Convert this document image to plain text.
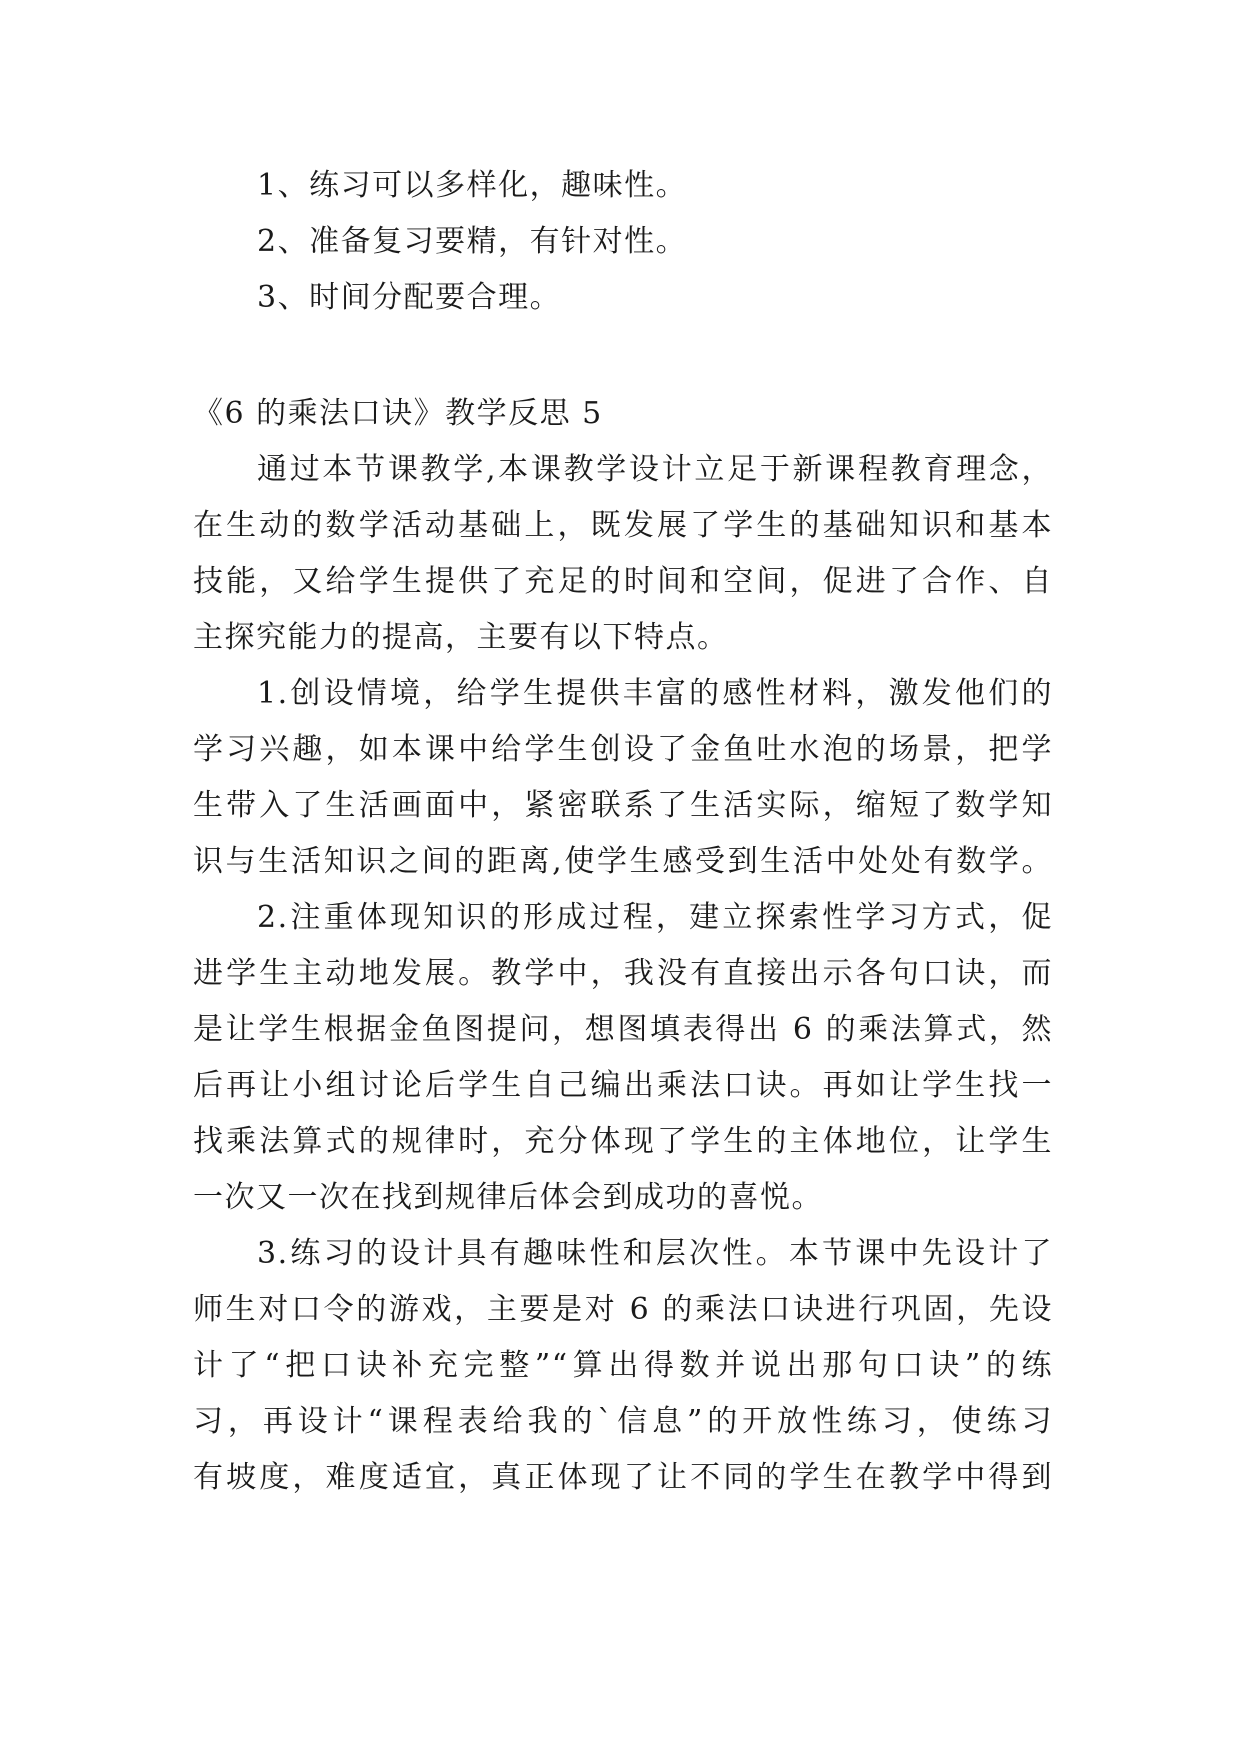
1、练习可以多样化，趣味性。
2、准备复习要精，有针对性。
3、时间分配要合理。
《6 的乘法口诀》教学反思 5
通过本节课教学,本课教学设计立足于新课程教育理念，
在生动的数学活动基础上，既发展了学生的基础知识和基本
技能，又给学生提供了充足的时间和空间，促进了合作、自
主探究能力的提高，主要有以下特点。
1.创设情境，给学生提供丰富的感性材料，激发他们的
学习兴趣，如本课中给学生创设了金鱼吐水泡的场景，把学
生带入了生活画面中，紧密联系了生活实际，缩短了数学知
识与生活知识之间的距离,使学生感受到生活中处处有数学。
2.注重体现知识的形成过程，建立探索性学习方式，促
进学生主动地发展。教学中，我没有直接出示各句口诀，而
是让学生根据金鱼图提问，想图填表得出 6 的乘法算式，然
后再让小组讨论后学生自己编出乘法口诀。再如让学生找一
找乘法算式的规律时，充分体现了学生的主体地位，让学生
一次又一次在找到规律后体会到成功的喜悦。
3.练习的设计具有趣味性和层次性。本节课中先设计了
师生对口令的游戏，主要是对 6 的乘法口诀进行巩固，先设
计了“把口诀补充完整”“算出得数并说出那句口诀”的练
习，再设计“课程表给我的`信息”的开放性练习，使练习
有坡度，难度适宜，真正体现了让不同的学生在教学中得到
